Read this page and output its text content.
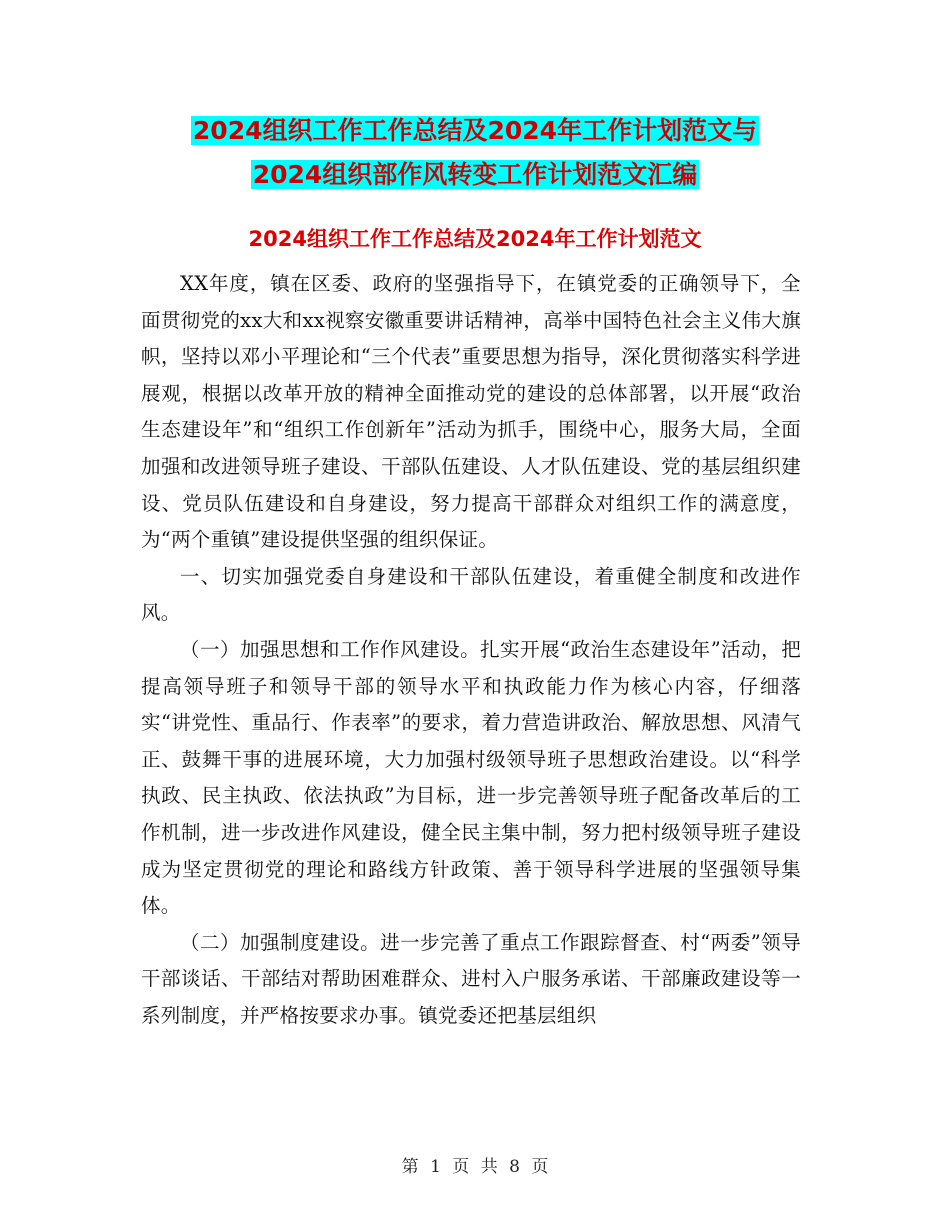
2024组织工作工作总结及2024年工作计划范文与
2024组织部作风转变工作计划范文汇编
2024组织工作工作总结及2024年工作计划范文

XX年度，镇在区委、政府的坚强指导下，在镇党委的正确领导下，全面贯彻党的xx大和xx视察安徽重要讲话精神，高举中国特色社会主义伟大旗帜，坚持以邓小平理论和“三个代表”重要思想为指导，深化贯彻落实科学进展观，根据以改革开放的精神全面推动党的建设的总体部署，以开展“政治生态建设年”和“组织工作创新年”活动为抓手，围绕中心，服务大局，全面加强和改进领导班子建设、干部队伍建设、人才队伍建设、党的基层组织建设、党员队伍建设和自身建设，努力提高干部群众对组织工作的满意度，为“两个重镇”建设提供坚强的组织保证。

一、切实加强党委自身建设和干部队伍建设，着重健全制度和改进作风。

（一）加强思想和工作作风建设。扎实开展“政治生态建设年”活动，把提高领导班子和领导干部的领导水平和执政能力作为核心内容，仔细落实“讲党性、重品行、作表率”的要求，着力营造讲政治、解放思想、风清气正、鼓舞干事的进展环境，大力加强村级领导班子思想政治建设。以“科学执政、民主执政、依法执政”为目标，进一步完善领导班子配备改革后的工作机制，进一步改进作风建设，健全民主集中制，努力把村级领导班子建设成为坚定贯彻党的理论和路线方针政策、善于领导科学进展的坚强领导集体。

（二）加强制度建设。进一步完善了重点工作跟踪督查、村“两委”领导干部谈话、干部结对帮助困难群众、进村入户服务承诺、干部廉政建设等一系列制度，并严格按要求办事。镇党委还把基层组织

第 1 页 共 8 页
